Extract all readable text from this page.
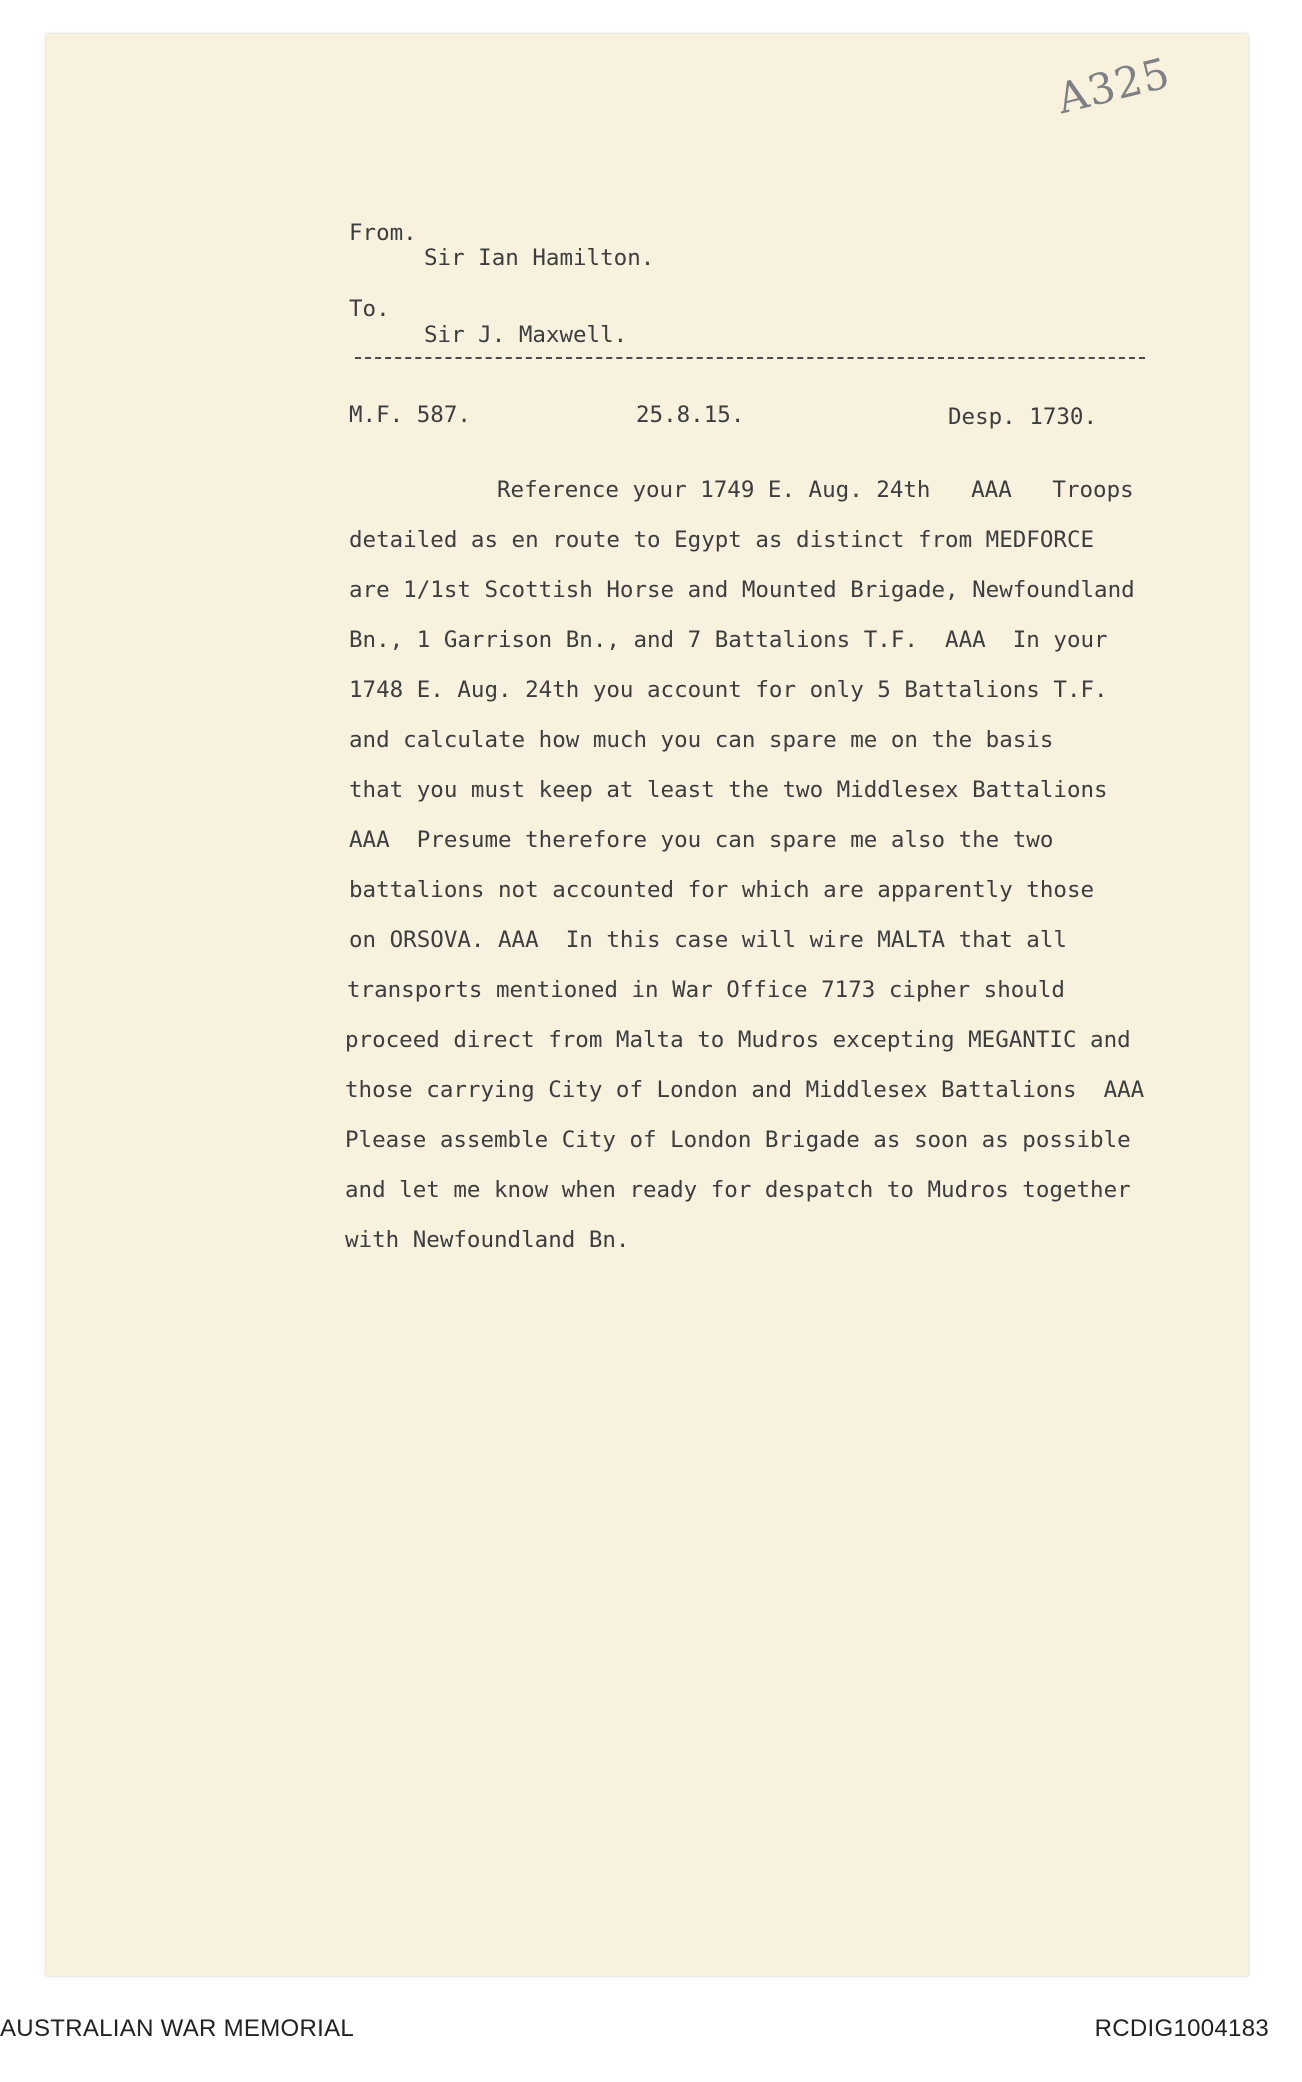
A325
From.
Sir Ian Hamilton.
To.
Sir J. Maxwell.
M.F. 587.	25.8.15.	Desp. 1730.
Reference your 1749 E. Aug. 24th   AAA   Troops
detailed as en route to Egypt as distinct from MEDFORCE
are 1/1st Scottish Horse and Mounted Brigade, Newfoundland
Bn., 1 Garrison Bn., and 7 Battalions T.F.  AAA  In your
1748 E. Aug. 24th you account for only 5 Battalions T.F.
and calculate how much you can spare me on the basis
that you must keep at least the two Middlesex Battalions
AAA  Presume therefore you can spare me also the two
battalions not accounted for which are apparently those
on ORSOVA. AAA  In this case will wire MALTA that all
transports mentioned in War Office 7173 cipher should
proceed direct from Malta to Mudros excepting MEGANTIC and
those carrying City of London and Middlesex Battalions  AAA
Please assemble City of London Brigade as soon as possible
and let me know when ready for despatch to Mudros together
with Newfoundland Bn.
AUSTRALIAN WAR MEMORIAL	RCDIG1004183
